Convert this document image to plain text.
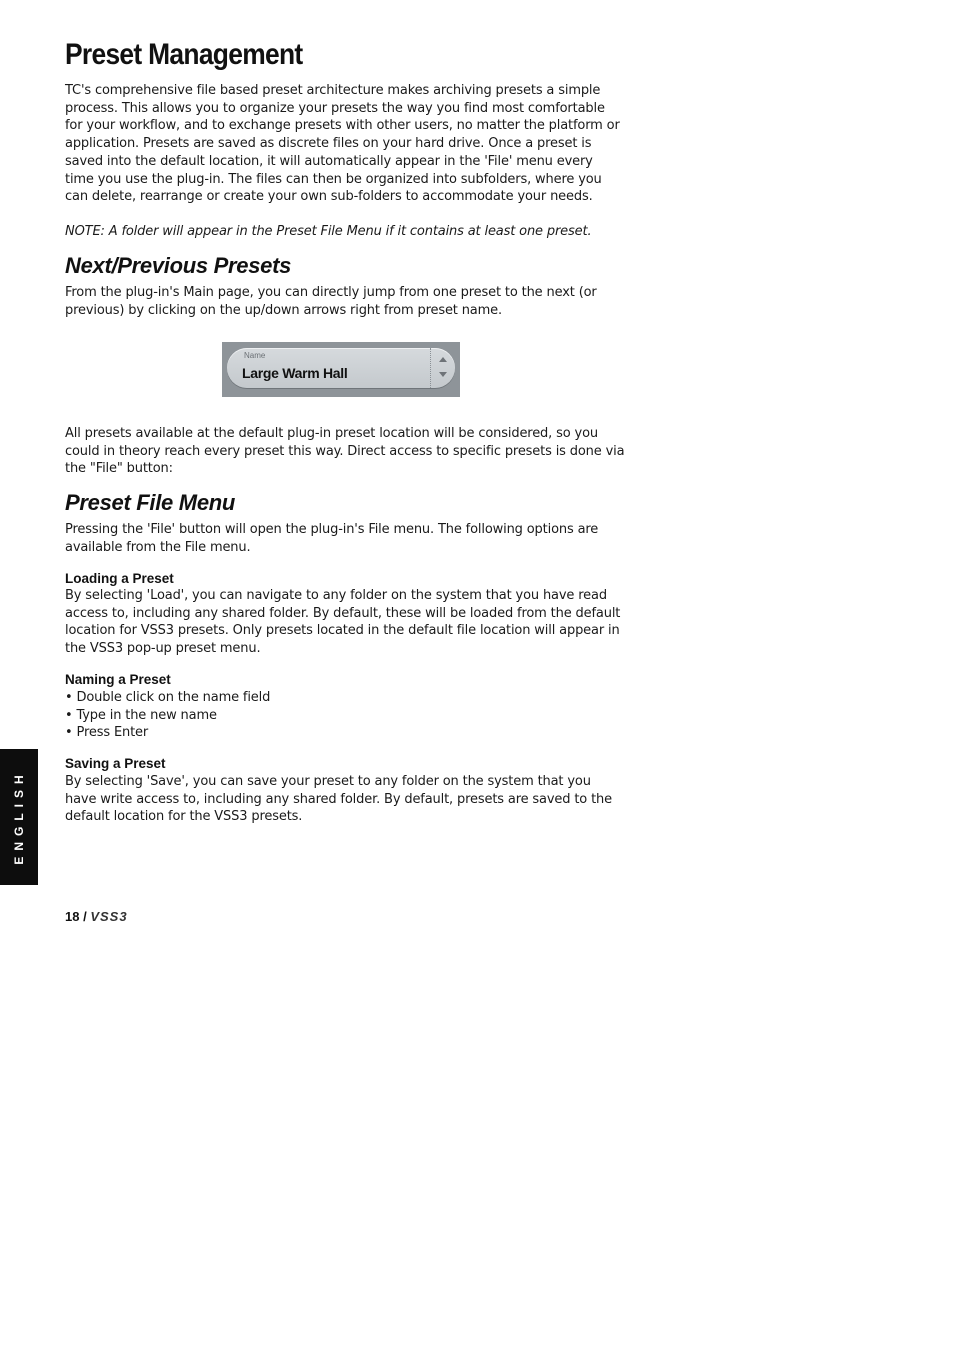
Preset Management

TC's comprehensive file based preset architecture makes archiving presets a simple process. This allows you to organize your presets the way you find most comfortable for your workflow, and to exchange presets with other users, no matter the platform or application. Presets are saved as discrete files on your hard drive. Once a preset is saved into the default location, it will automatically appear in the 'File' menu every time you use the plug-in. The files can then be organized into subfolders, where you can delete, rearrange or create your own sub-folders to accommodate your needs.

NOTE: A folder will appear in the Preset File Menu if it contains at least one preset.

Next/Previous Presets

From the plug-in's Main page, you can directly jump from one preset to the next (or previous) by clicking on the up/down arrows right from preset name.

Name
Large Warm Hall

All presets available at the default plug-in preset location will be considered, so you could in theory reach every preset this way. Direct access to specific presets is done via the "File" button:

Preset File Menu

Pressing the 'File' button will open the plug-in's File menu. The following options are available from the File menu.

Loading a Preset

By selecting 'Load', you can navigate to any folder on the system that you have read access to, including any shared folder. By default, these will be loaded from the default location for VSS3 presets. Only presets located in the default file location will appear in the VSS3 pop-up preset menu.

Naming a Preset
• Double click on the name field
• Type in the new name
• Press Enter
Saving a Preset

By selecting 'Save', you can save your preset to any folder on the system that you have write access to, including any shared folder. By default, presets are saved to the default location for the VSS3 presets.

ENGLISH
18 / VSS3
